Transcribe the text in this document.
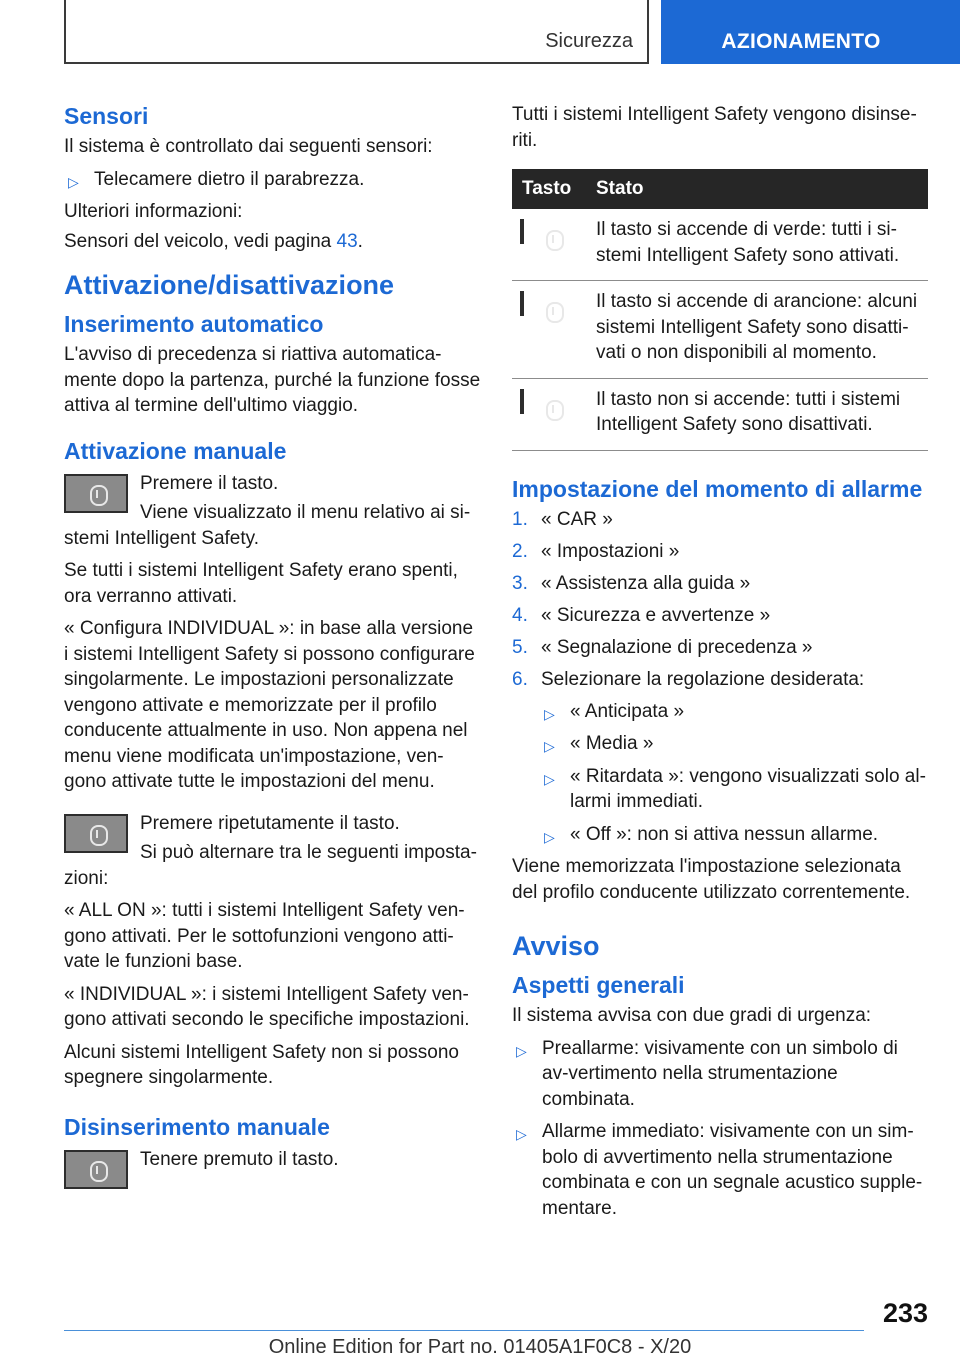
Sicurezza	AZIONAMENTO
Sensori
Il sistema è controllato dai seguenti sensori:
▷ Telecamere dietro il parabrezza.
Ulteriori informazioni:
Sensori del veicolo, vedi pagina 43.
Attivazione/disattivazione
Inserimento automatico
L'avviso di precedenza si riattiva automatica-mente dopo la partenza, purché la funzione fosse attiva al termine dell'ultimo viaggio.
Attivazione manuale
Premere il tasto.
Viene visualizzato il menu relativo ai si-stemi Intelligent Safety.
Se tutti i sistemi Intelligent Safety erano spenti, ora verranno attivati.
« Configura INDIVIDUAL »: in base alla versione i sistemi Intelligent Safety si possono configurare singolarmente. Le impostazioni personalizzate vengono attivate e memorizzate per il profilo conducente attualmente in uso. Non appena nel menu viene modificata un'impostazione, ven-gono attivate tutte le impostazioni del menu.
Premere ripetutamente il tasto.
Si può alternare tra le seguenti imposta-zioni:
« ALL ON »: tutti i sistemi Intelligent Safety ven-gono attivati. Per le sottofunzioni vengono atti-vate le funzioni base.
« INDIVIDUAL »: i sistemi Intelligent Safety ven-gono attivati secondo le specifiche impostazioni.
Alcuni sistemi Intelligent Safety non si possono spegnere singolarmente.
Disinserimento manuale
Tenere premuto il tasto.
Tutti i sistemi Intelligent Safety vengono disinse-riti.
Tasto	Stato
	Il tasto si accende di verde: tutti i si-stemi Intelligent Safety sono attivati.
	Il tasto si accende di arancione: alcuni sistemi Intelligent Safety sono disatti-vati o non disponibili al momento.
	Il tasto non si accende: tutti i sistemi Intelligent Safety sono disattivati.
Impostazione del momento di allarme
1. « CAR »
2. « Impostazioni »
3. « Assistenza alla guida »
4. « Sicurezza e avvertenze »
5. « Segnalazione di precedenza »
6. Selezionare la regolazione desiderata:
▷ « Anticipata »
▷ « Media »
▷ « Ritardata »: vengono visualizzati solo al-larmi immediati.
▷ « Off »: non si attiva nessun allarme.
Viene memorizzata l'impostazione selezionata del profilo conducente utilizzato correntemente.
Avviso
Aspetti generali
Il sistema avvisa con due gradi di urgenza:
▷ Preallarme: visivamente con un simbolo di av-vertimento nella strumentazione combinata.
▷ Allarme immediato: visivamente con un sim-bolo di avvertimento nella strumentazione combinata e con un segnale acustico supple-mentare.
233
Online Edition for Part no. 01405A1F0C8 - X/20
